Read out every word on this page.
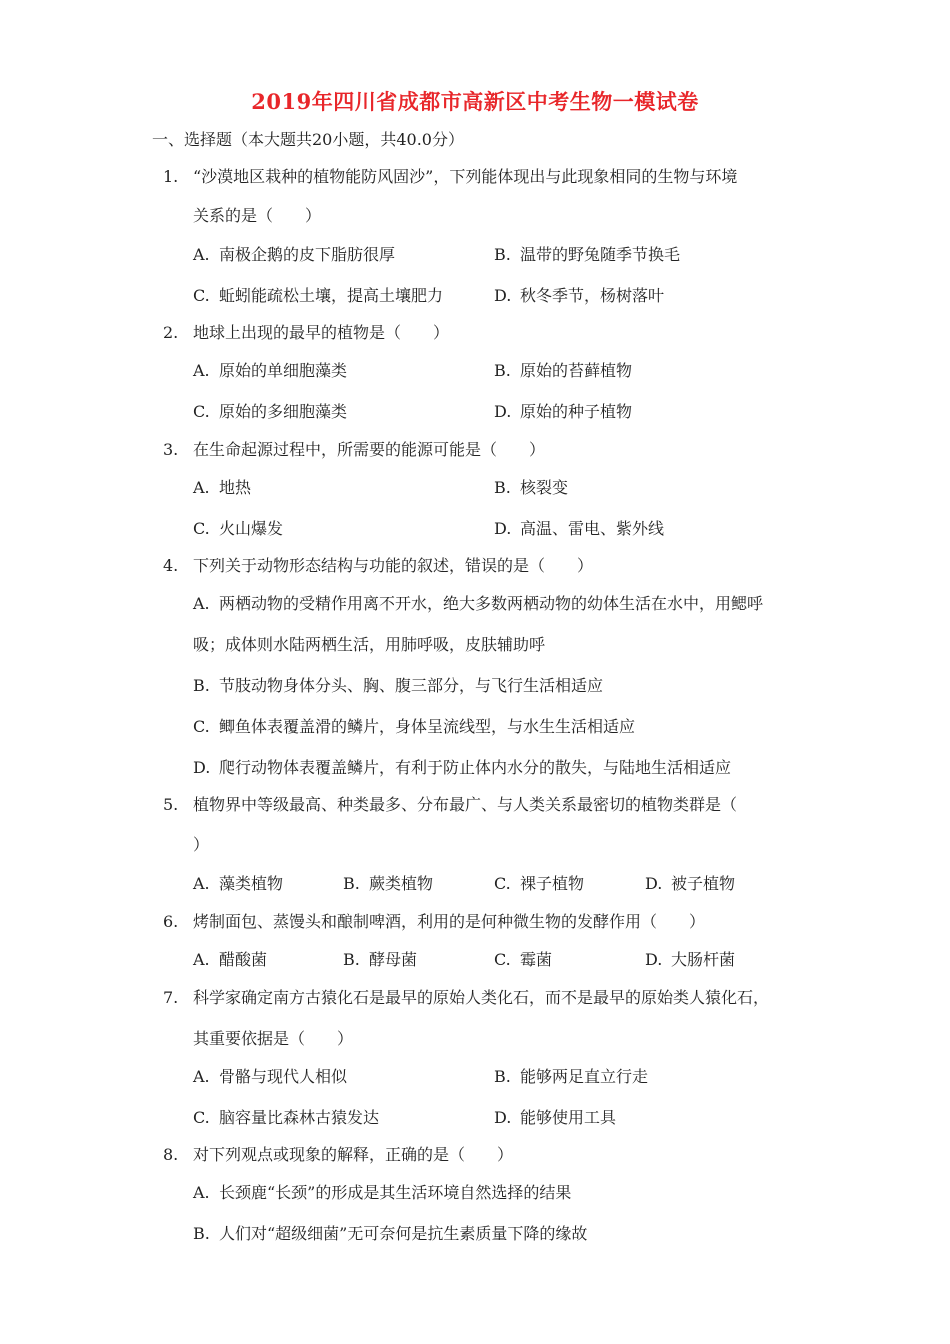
2019年四川省成都市高新区中考生物一模试卷
一、选择题（本大题共20小题，共40.0分）
1. “沙漠地区栽种的植物能防风固沙”，下列能体现出与此现象相同的生物与环境
关系的是（　　）
A. 南极企鹅的皮下脂肪很厚	B. 温带的野兔随季节换毛
C. 蚯蚓能疏松土壤，提高土壤肥力	D. 秋冬季节，杨树落叶
2. 地球上出现的最早的植物是（　　）
A. 原始的单细胞藻类	B. 原始的苔藓植物
C. 原始的多细胞藻类	D. 原始的种子植物
3. 在生命起源过程中，所需要的能源可能是（　　）
A. 地热	B. 核裂变
C. 火山爆发	D. 高温、雷电、紫外线
4. 下列关于动物形态结构与功能的叙述，错误的是（　　）
A. 两栖动物的受精作用离不开水，绝大多数两栖动物的幼体生活在水中，用鳃呼
吸；成体则水陆两栖生活，用肺呼吸，皮肤辅助呼
B. 节肢动物身体分头、胸、腹三部分，与飞行生活相适应
C. 鲫鱼体表覆盖滑的鳞片，身体呈流线型，与水生生活相适应
D. 爬行动物体表覆盖鳞片，有利于防止体内水分的散失，与陆地生活相适应
5. 植物界中等级最高、种类最多、分布最广、与人类关系最密切的植物类群是（
）
A. 藻类植物	B. 蕨类植物	C. 裸子植物	D. 被子植物
6. 烤制面包、蒸馒头和酿制啤酒，利用的是何种微生物的发酵作用（　　）
A. 醋酸菌	B. 酵母菌	C. 霉菌	D. 大肠杆菌
7. 科学家确定南方古猿化石是最早的原始人类化石，而不是最早的原始类人猿化石，
其重要依据是（　　）
A. 骨骼与现代人相似	B. 能够两足直立行走
C. 脑容量比森林古猿发达	D. 能够使用工具
8. 对下列观点或现象的解释，正确的是（　　）
A. 长颈鹿“长颈”的形成是其生活环境自然选择的结果
B. 人们对“超级细菌”无可奈何是抗生素质量下降的缘故
